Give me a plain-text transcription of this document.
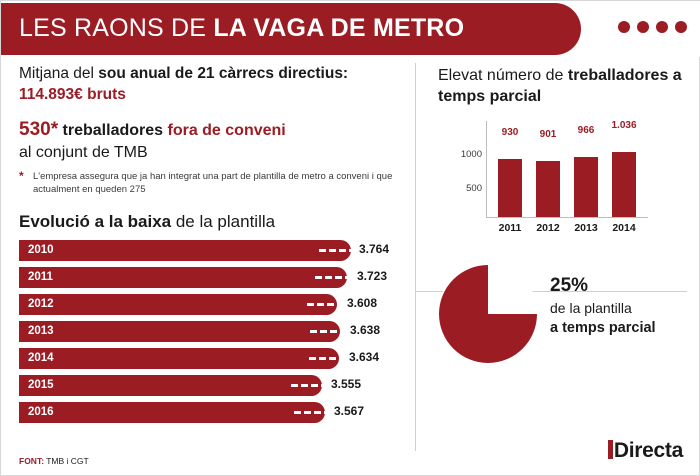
LES RAONS DE LA VAGA DE METRO

Mitjana del sou anual de 21 càrrecs directius: 114.893€ bruts

530* treballadores fora de conveni
al conjunt de TMB

* L'empresa assegura que ja han integrat una part de plantilla de metro a conveni i que actualment en queden 275

Evolució a la baixa de la plantilla

2010	3.764
2011	3.723
2012	3.608
2013	3.638
2014	3.634
2015	3.555
2016	3.567
FONT: TMB i CGT

Elevat número de treballadores a temps parcial

1000
500
930	901	966	1.036
2011	2012	2013	2014
25%
de la plantilla
a temps parcial
Directa
